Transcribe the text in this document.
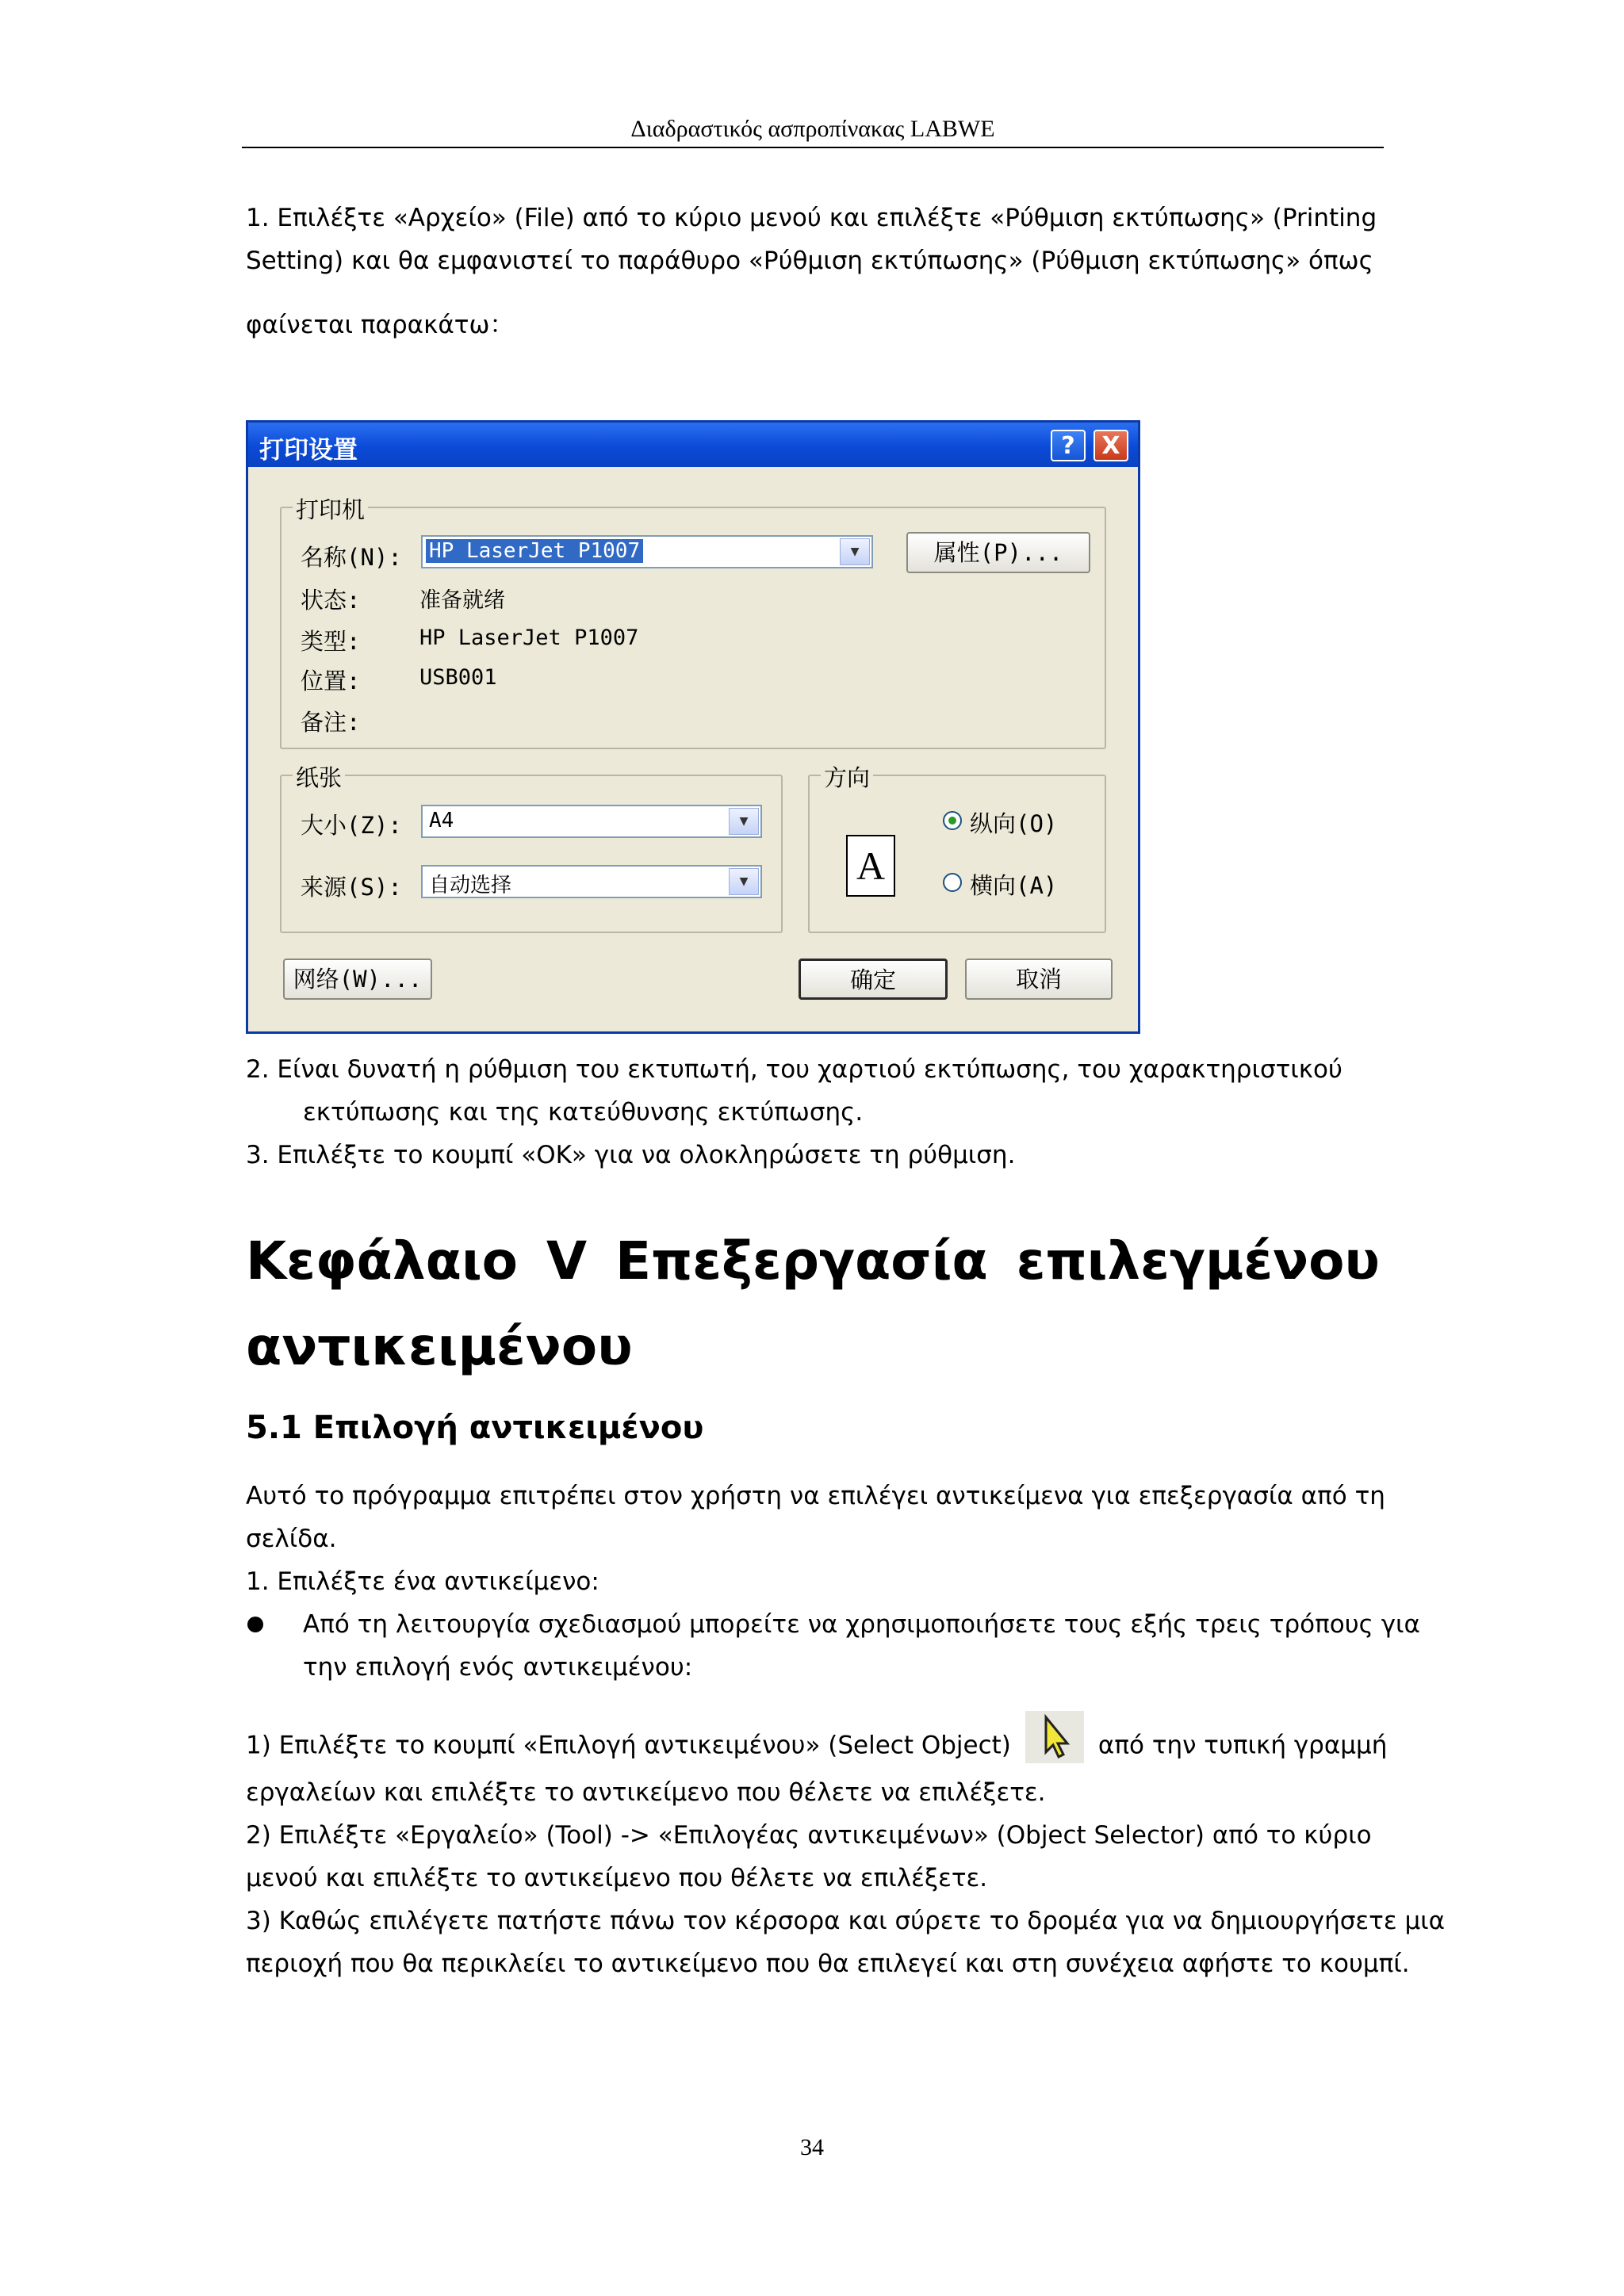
Διαδραστικός ασπροπίνακας LABWE
1. Επιλέξτε «Αρχείο» (File) από το κύριο μενού και επιλέξτε «Ρύθμιση εκτύπωσης» (Printing
Setting) και θα εμφανιστεί το παράθυρο «Ρύθμιση εκτύπωσης» (Ρύθμιση εκτύπωσης» όπως
φαίνεται παρακάτω：
打印设置	?	X
打印机
名称(N): HP LaserJet P1007	▼	属性(P)...
状态:	准备就绪
类型:	HP LaserJet P1007
位置:	USB001
备注:
纸张
大小(Z): A4	▼
来源(S): 自动选择	▼
方向
A
纵向(O)
横向(A)
网络(W)...	确定	取消
2. Είναι δυνατή η ρύθμιση του εκτυπωτή, του χαρτιού εκτύπωσης, του χαρακτηριστικού
εκτύπωσης και της κατεύθυνσης εκτύπωσης.
3. Επιλέξτε το κουμπί «OK» για να ολοκληρώσετε τη ρύθμιση.
Κεφάλαιο V Επεξεργασία επιλεγμένου αντικειμένου
5.1 Επιλογή αντικειμένου
Αυτό το πρόγραμμα επιτρέπει στον χρήστη να επιλέγει αντικείμενα για επεξεργασία από τη
σελίδα.
1. Επιλέξτε ένα αντικείμενο:
Από τη λειτουργία σχεδιασμού μπορείτε να χρησιμοποιήσετε τους εξής τρεις τρόπους για
την επιλογή ενός αντικειμένου:
1) Επιλέξτε το κουμπί «Επιλογή αντικειμένου» (Select Object)	από την τυπική γραμμή
εργαλείων και επιλέξτε το αντικείμενο που θέλετε να επιλέξετε.
2) Επιλέξτε «Εργαλείο» (Tool) -> «Επιλογέας αντικειμένων» (Object Selector) από το κύριο
μενού και επιλέξτε το αντικείμενο που θέλετε να επιλέξετε.
3) Καθώς επιλέγετε πατήστε πάνω τον κέρσορα και σύρετε το δρομέα για να δημιουργήσετε μια
περιοχή που θα περικλείει το αντικείμενο που θα επιλεγεί και στη συνέχεια αφήστε το κουμπί.
34
